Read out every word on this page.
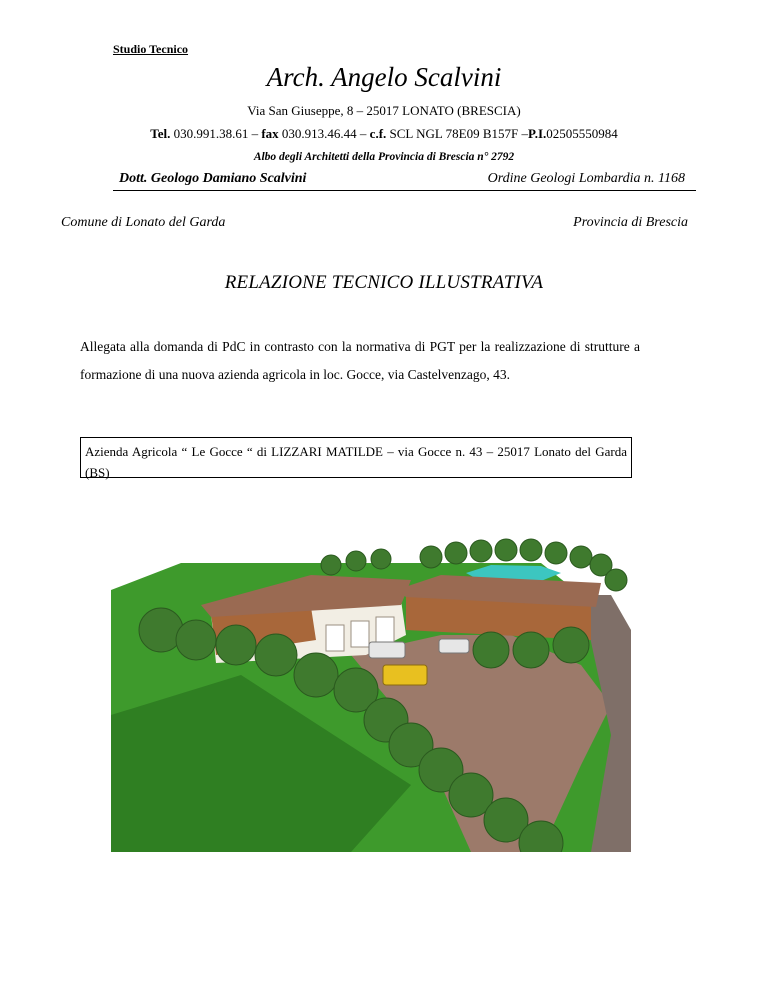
Studio Tecnico
Arch. Angelo Scalvini
Via San Giuseppe, 8 – 25017 LONATO (BRESCIA)
Tel. 030.991.38.61 – fax 030.913.46.44 – c.f. SCL NGL 78E09 B157F –P.I.02505550984
Albo degli Architetti della Provincia di Brescia n° 2792
Dott. Geologo Damiano Scalvini	Ordine Geologi Lombardia n. 1168
Comune di Lonato del Garda	Provincia di Brescia
RELAZIONE TECNICO ILLUSTRATIVA
Allegata alla domanda di PdC in contrasto con la normativa di PGT per la realizzazione di strutture a formazione di una nuova azienda agricola in loc. Gocce, via Castelvenzago, 43.
Azienda Agricola “ Le Gocce “ di LIZZARI MATILDE – via Gocce n. 43 – 25017 Lonato del Garda (BS)
